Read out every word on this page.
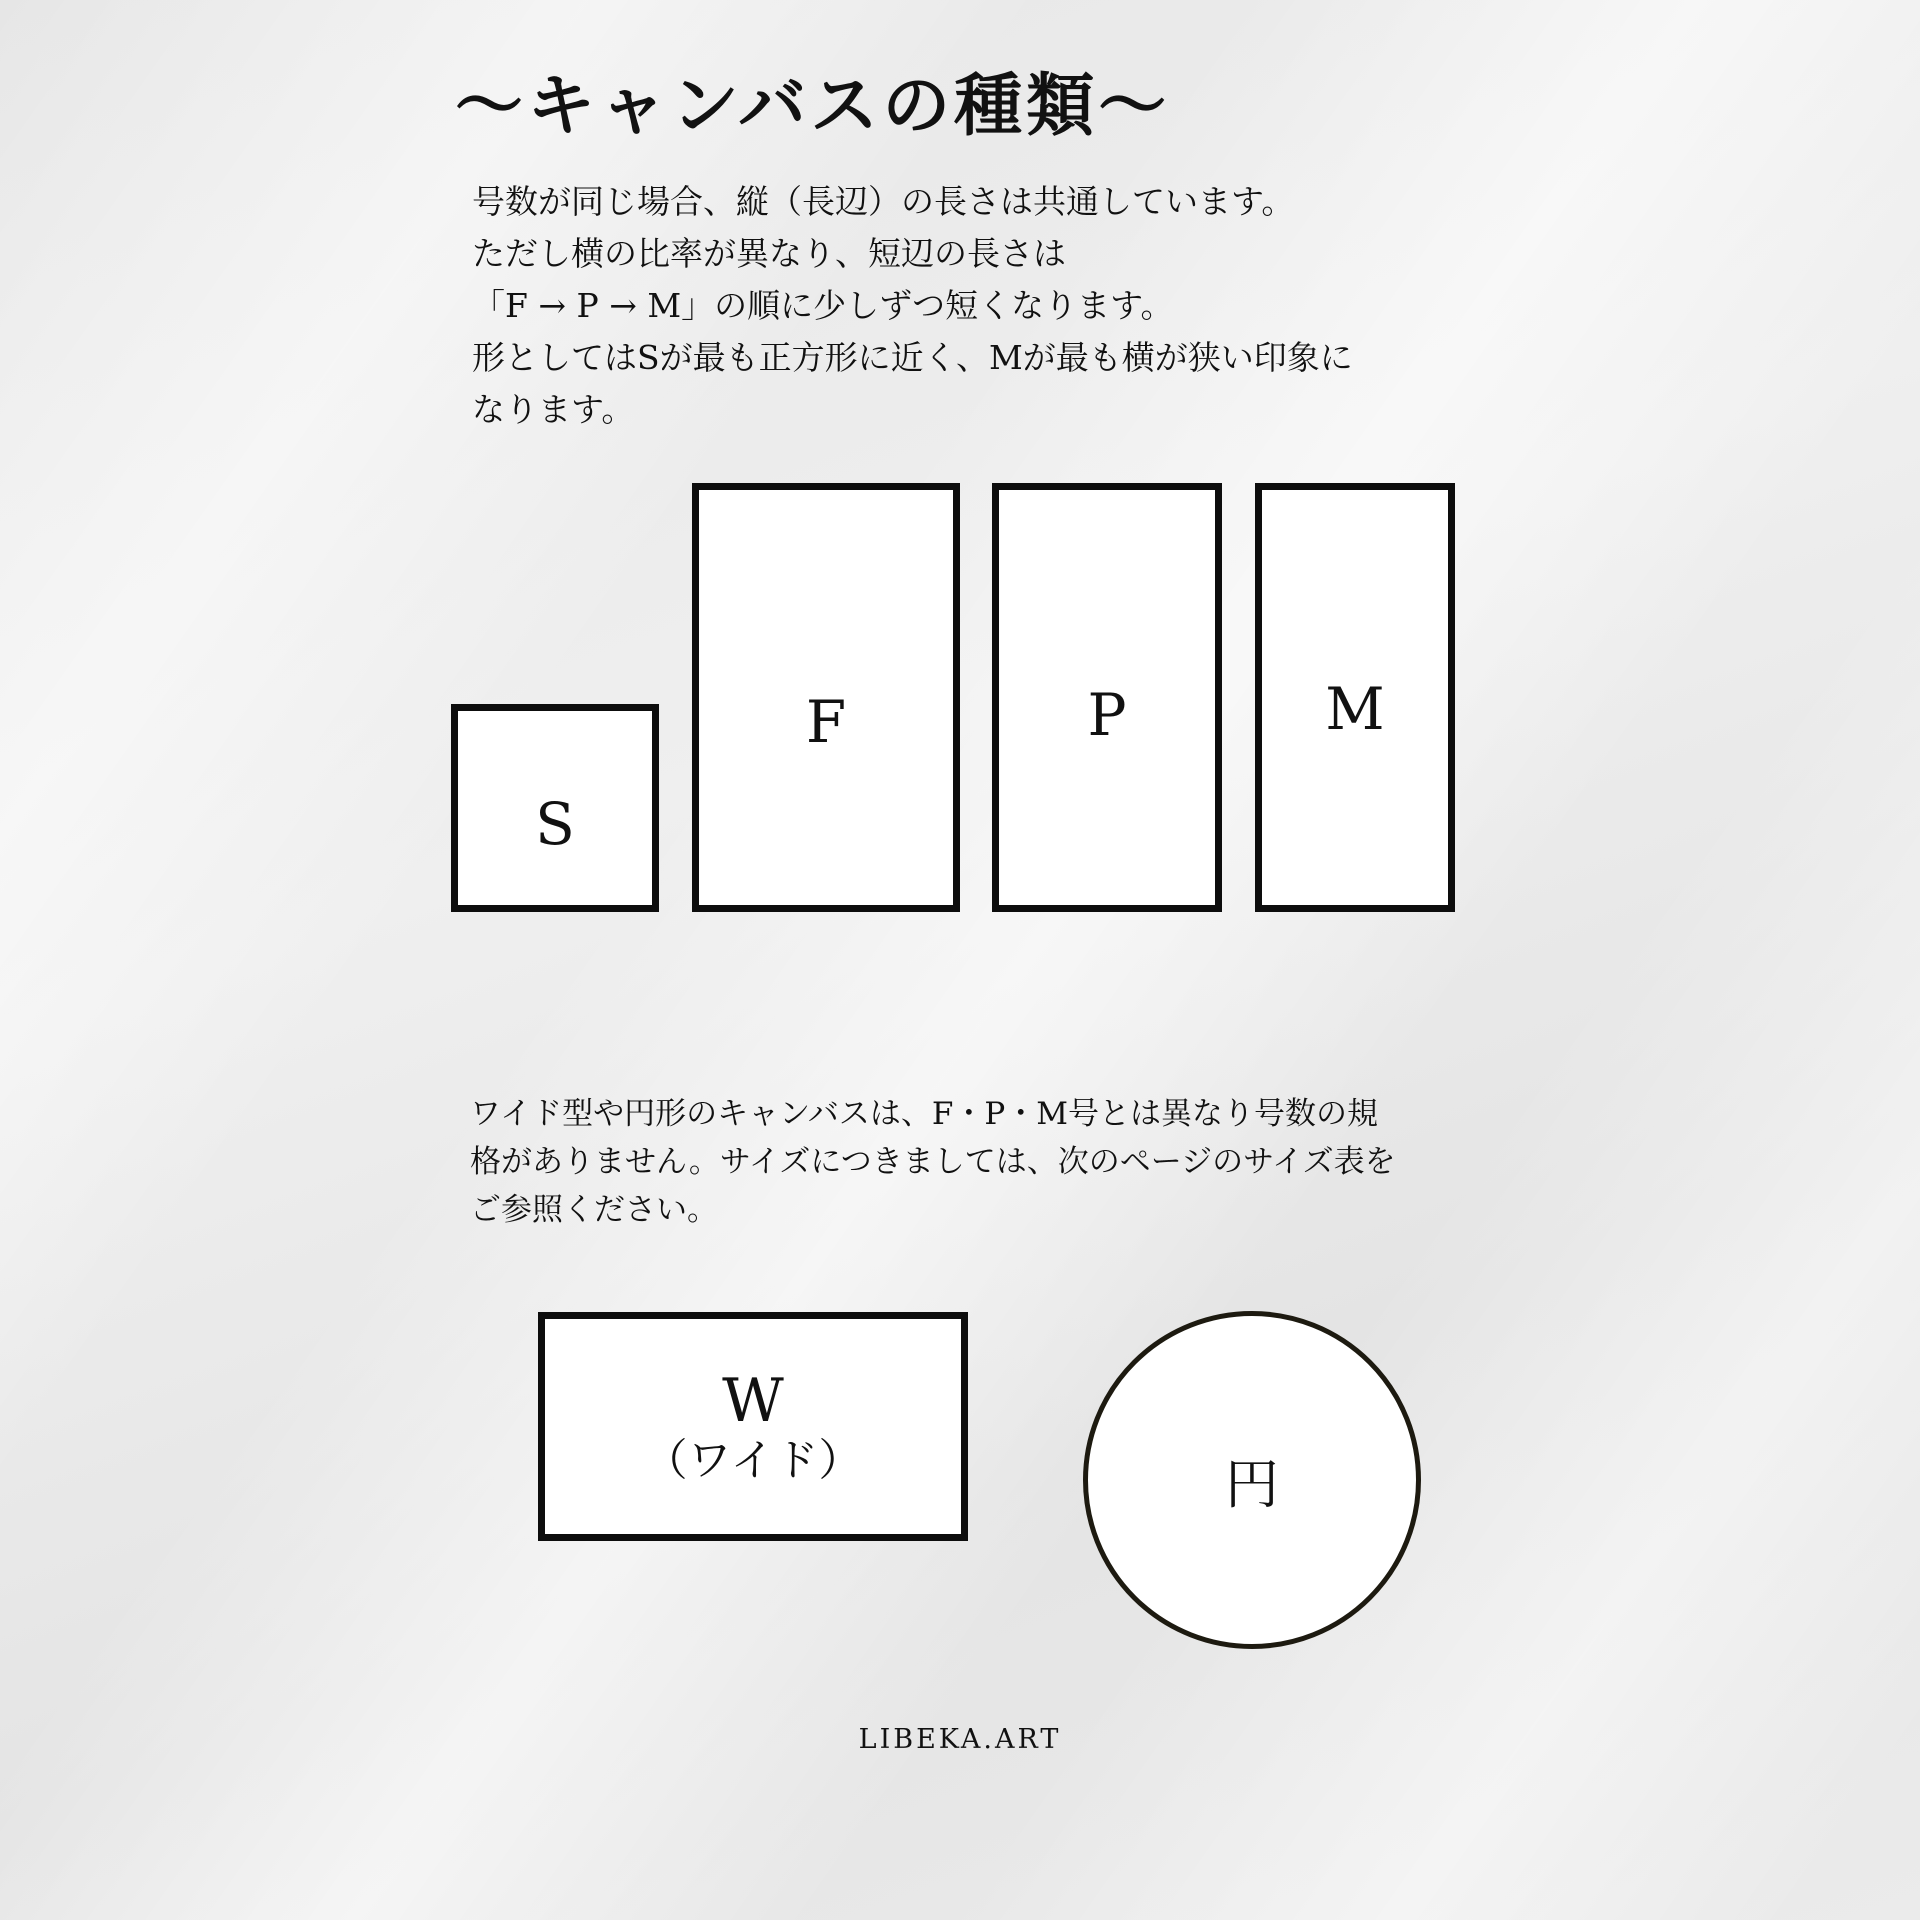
〜キャンバスの種類〜
号数が同じ場合、縦（長辺）の長さは共通しています。
ただし横の比率が異なり、短辺の長さは
「F → P → M」の順に少しずつ短くなります。
形としてはSが最も正方形に近く、Mが最も横が狭い印象に
なります。
S
F	P	M
ワイド型や円形のキャンバスは、F・P・M号とは異なり号数の規
格がありません。サイズにつきましては、次のページのサイズ表を
ご参照ください。
W
（ワイド）	円
LIBEKA.ART
